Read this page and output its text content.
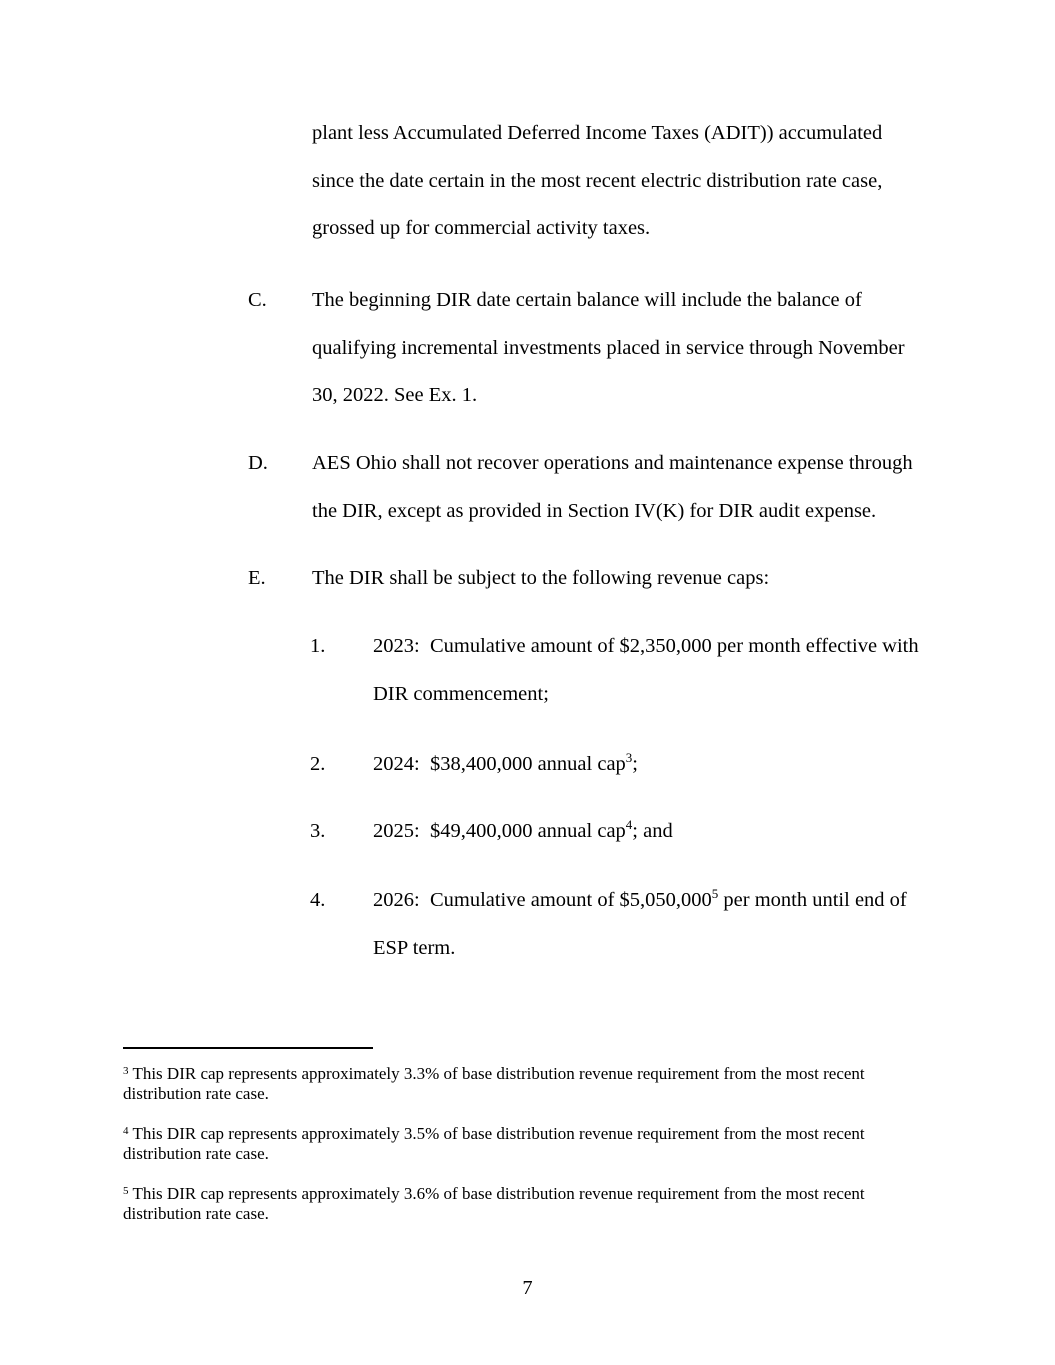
plant less Accumulated Deferred Income Taxes (ADIT)) accumulated
since the date certain in the most recent electric distribution rate case,
grossed up for commercial activity taxes.
C. The beginning DIR date certain balance will include the balance of
qualifying incremental investments placed in service through November
30, 2022. See Ex. 1.
D. AES Ohio shall not recover operations and maintenance expense through
the DIR, except as provided in Section IV(K) for DIR audit expense.
E. The DIR shall be subject to the following revenue caps:
1. 2023:  Cumulative amount of $2,350,000 per month effective with
DIR commencement;
2. 2024:  $38,400,000 annual cap$^3$;
3. 2025:  $49,400,000 annual cap$^4$; and
4. 2026:  Cumulative amount of $5,050,000$^5$ per month until end of
ESP term.
$^3$ This DIR cap represents approximately 3.3% of base distribution revenue requirement from the most recent
distribution rate case.
$^4$ This DIR cap represents approximately 3.5% of base distribution revenue requirement from the most recent
distribution rate case.
$^5$ This DIR cap represents approximately 3.6% of base distribution revenue requirement from the most recent
distribution rate case.
7
